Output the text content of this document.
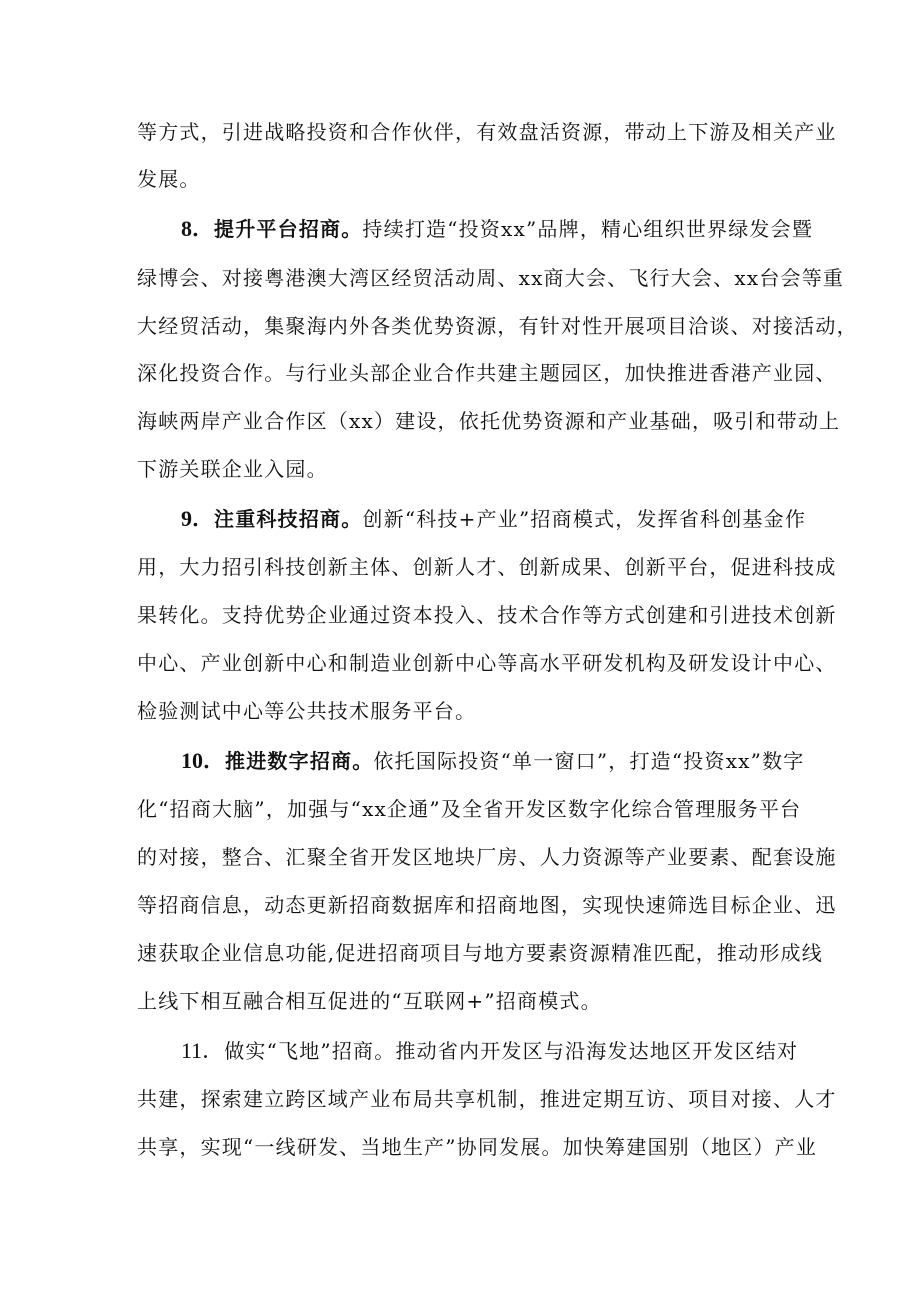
等方式，引进战略投资和合作伙伴，有效盘活资源，带动上下游及相关产业
发展。
8．提升平台招商。持续打造“投资xx”品牌，精心组织世界绿发会暨
绿博会、对接粤港澳大湾区经贸活动周、xx商大会、飞行大会、xx台会等重
大经贸活动，集聚海内外各类优势资源，有针对性开展项目洽谈、对接活动，
深化投资合作。与行业头部企业合作共建主题园区，加快推进香港产业园、
海峡两岸产业合作区（xx）建设，依托优势资源和产业基础，吸引和带动上
下游关联企业入园。
9．注重科技招商。创新“科技+产业”招商模式，发挥省科创基金作
用，大力招引科技创新主体、创新人才、创新成果、创新平台，促进科技成
果转化。支持优势企业通过资本投入、技术合作等方式创建和引进技术创新
中心、产业创新中心和制造业创新中心等高水平研发机构及研发设计中心、
检验测试中心等公共技术服务平台。
10．推进数字招商。依托国际投资“单一窗口”，打造“投资xx”数字
化“招商大脑”，加强与“xx企通”及全省开发区数字化综合管理服务平台
的对接，整合、汇聚全省开发区地块厂房、人力资源等产业要素、配套设施
等招商信息，动态更新招商数据库和招商地图，实现快速筛选目标企业、迅
速获取企业信息功能,促进招商项目与地方要素资源精准匹配，推动形成线
上线下相互融合相互促进的“互联网+”招商模式。
11．做实“飞地”招商。推动省内开发区与沿海发达地区开发区结对
共建，探索建立跨区域产业布局共享机制，推进定期互访、项目对接、人才
共享，实现“一线研发、当地生产”协同发展。加快筹建国别（地区）产业
